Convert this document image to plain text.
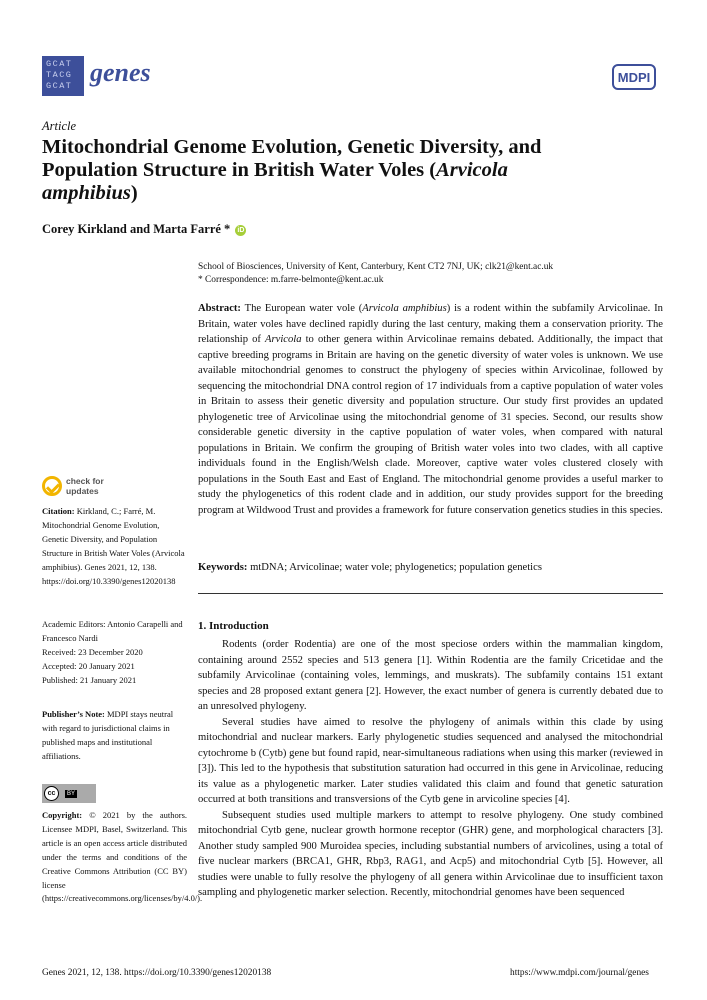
GCAT
TACG
GCAT genes	MDPI
Article
Mitochondrial Genome Evolution, Genetic Diversity, and Population Structure in British Water Voles (Arvicola amphibius)
Corey Kirkland and Marta Farré * iD
School of Biosciences, University of Kent, Canterbury, Kent CT2 7NJ, UK; clk21@kent.ac.uk
* Correspondence: m.farre-belmonte@kent.ac.uk
Abstract: The European water vole (Arvicola amphibius) is a rodent within the subfamily Arvicolinae. In Britain, water voles have declined rapidly during the last century, making them a conservation priority. The relationship of Arvicola to other genera within Arvicolinae remains debated. Additionally, the impact that captive breeding programs in Britain are having on the genetic diversity of water voles is unknown. We use available mitochondrial genomes to construct the phylogeny of species within Arvicolinae, followed by sequencing the mitochondrial DNA control region of 17 individuals from a captive population of water voles in Britain to assess their genetic diversity and population structure. Our study first provides an updated phylogenetic tree of Arvicolinae using the mitochondrial genome of 31 species. Second, our results show considerable genetic diversity in the captive population of water voles, when compared with natural populations in Britain. We confirm the grouping of British water voles into two clades, with all captive individuals found in the English/Welsh clade. Moreover, captive water voles clustered closely with populations in the South East and East of England. The mitochondrial genome provides a useful marker to study the phylogenetics of this rodent clade and in addition, our study provides support for the breeding program at Wildwood Trust and provides a framework for future conservation genetics studies in this species.
Keywords: mtDNA; Arvicolinae; water vole; phylogenetics; population genetics
1. Introduction

Rodents (order Rodentia) are one of the most speciose orders within the mammalian kingdom, containing around 2552 species and 513 genera [1]. Within Rodentia are the family Cricetidae and the subfamily Arvicolinae (containing voles, lemmings, and muskrats). The subfamily contains 151 extant species and 28 proposed extant genera [2]. However, the exact number of genera is currently debated due to an unresolved phylogeny.

Several studies have aimed to resolve the phylogeny of animals within this clade by using mitochondrial and nuclear markers. Early phylogenetic studies sequenced and analysed the mitochondrial cytochrome b (Cytb) gene but found rapid, near-simultaneous radiations when using this marker (reviewed in [3]). This led to the hypothesis that substitution saturation had occurred in this gene in Arvicolinae, reducing its value as a phylogenetic marker. Later studies validated this claim and found that genetic saturation occurred at both transitions and transversions of the Cytb gene in arvicoline species [4].

Subsequent studies used multiple markers to attempt to resolve phylogeny. One study combined mitochondrial Cytb gene, nuclear growth hormone receptor (GHR) gene, and morphological characters [3]. Another study sampled 900 Muroidea species, including substantial numbers of arvicolines, using a total of five nuclear markers (BRCA1, GHR, Rbp3, RAG1, and Acp5) and mitochondrial Cytb [5]. However, all studies were unable to fully resolve the phylogeny of all genera within Arvicolinae due to insufficient taxon sampling and phylogenetic marker selection. Recently, mitochondrial genomes have been sequenced

check for
updates
Citation: Kirkland, C.; Farré, M. Mitochondrial Genome Evolution, Genetic Diversity, and Population Structure in British Water Voles (Arvicola amphibius). Genes 2021, 12, 138. https://doi.org/10.3390/genes12020138
Academic Editors: Antonio Carapelli and Francesco Nardi
Received: 23 December 2020
Accepted: 20 January 2021
Published: 21 January 2021
Publisher’s Note: MDPI stays neutral with regard to jurisdictional claims in published maps and institutional affiliations.
cc	BY
Copyright: © 2021 by the authors. Licensee MDPI, Basel, Switzerland. This article is an open access article distributed under the terms and conditions of the Creative Commons Attribution (CC BY) license (https://creativecommons.org/licenses/by/4.0/).
Genes 2021, 12, 138. https://doi.org/10.3390/genes12020138	https://www.mdpi.com/journal/genes
